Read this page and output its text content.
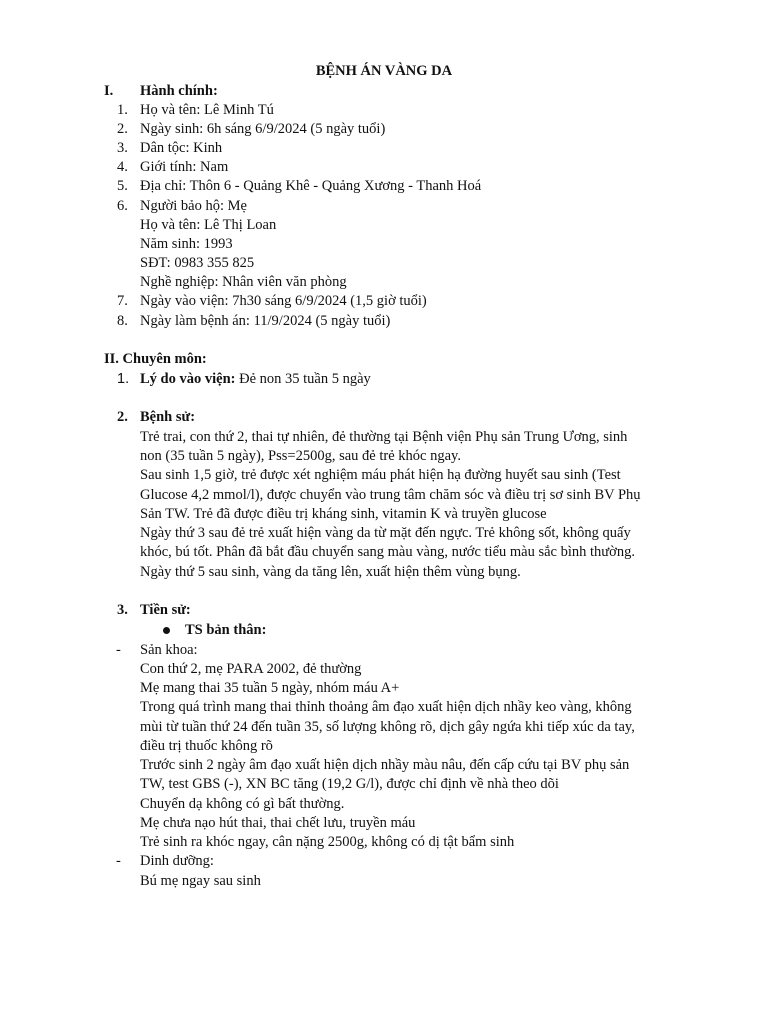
BỆNH ÁN VÀNG DA
I. Hành chính:
1. Họ và tên: Lê Minh Tú
2. Ngày sinh: 6h sáng 6/9/2024 (5 ngày tuổi)
3. Dân tộc: Kinh
4. Giới tính: Nam
5. Địa chỉ: Thôn 6 - Quảng Khê - Quảng Xương - Thanh Hoá
6. Người bảo hộ: Mẹ
Họ và tên: Lê Thị Loan
Năm sinh: 1993
SĐT: 0983 355 825
Nghề nghiệp: Nhân viên văn phòng
7. Ngày vào viện: 7h30 sáng 6/9/2024 (1,5 giờ tuổi)
8. Ngày làm bệnh án: 11/9/2024 (5 ngày tuổi)
II. Chuyên môn:
1. Lý do vào viện: Đẻ non 35 tuần 5 ngày
2. Bệnh sử:
Trẻ trai, con thứ 2, thai tự nhiên, đẻ thường tại Bệnh viện Phụ sản Trung Ương, sinh
non (35 tuần 5 ngày), Pss=2500g, sau đẻ trẻ khóc ngay.
Sau sinh 1,5 giờ, trẻ được xét nghiệm máu phát hiện hạ đường huyết sau sinh (Test
Glucose 4,2 mmol/l), được chuyển vào trung tâm chăm sóc và điều trị sơ sinh BV Phụ
Sản TW. Trẻ đã được điều trị kháng sinh, vitamin K và truyền glucose
Ngày thứ 3 sau đẻ trẻ xuất hiện vàng da từ mặt đến ngực. Trẻ không sốt, không quấy
khóc, bú tốt. Phân đã bắt đầu chuyển sang màu vàng, nước tiểu màu sắc bình thường.
Ngày thứ 5 sau sinh, vàng da tăng lên, xuất hiện thêm vùng bụng.
3. Tiền sử:
TS bản thân:
- Sản khoa:
Con thứ 2, mẹ PARA 2002, đẻ thường
Mẹ mang thai 35 tuần 5 ngày, nhóm máu A+
Trong quá trình mang thai thỉnh thoảng âm đạo xuất hiện dịch nhầy keo vàng, không
mùi từ tuần thứ 24 đến tuần 35, số lượng không rõ, dịch gây ngứa khi tiếp xúc da tay,
điều trị thuốc không rõ
Trước sinh 2 ngày âm đạo xuất hiện dịch nhầy màu nâu, đến cấp cứu tại BV phụ sản
TW, test GBS (-), XN BC tăng (19,2 G/l), được chỉ định về nhà theo dõi
Chuyển dạ không có gì bất thường.
Mẹ chưa nạo hút thai, thai chết lưu, truyền máu
Trẻ sinh ra khóc ngay, cân nặng 2500g, không có dị tật bẩm sinh
- Dinh dưỡng:
Bú mẹ ngay sau sinh
